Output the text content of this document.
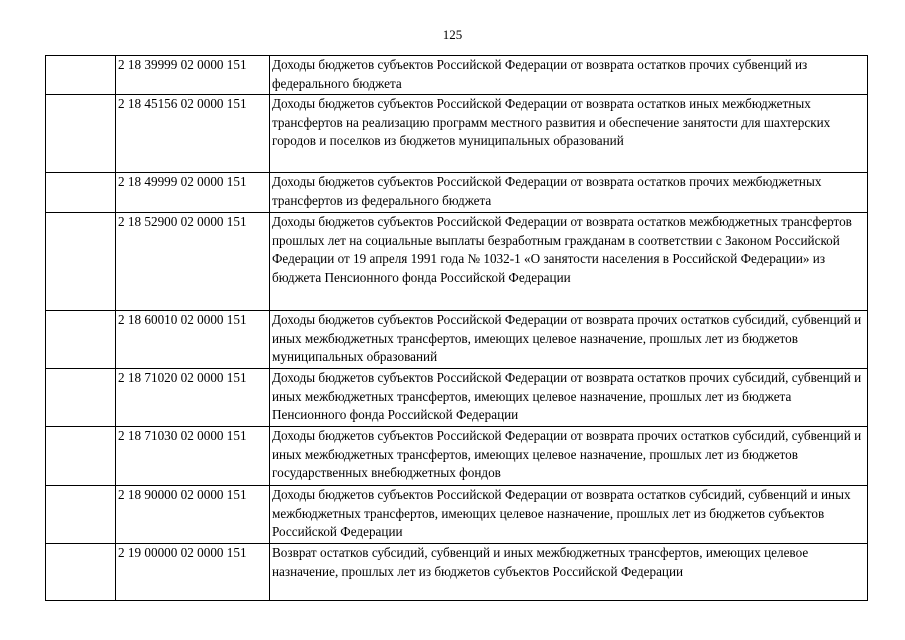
125
	2 18 39999 02 0000 151	Доходы бюджетов субъектов Российской Федерации от возврата остатков прочих субвенций из федерального бюджета
	2 18 45156 02 0000 151	Доходы бюджетов субъектов Российской Федерации от возврата остатков иных межбюджетных трансфертов на реализацию программ местного развития и обеспечение занятости для шахтерских городов и поселков из бюджетов муниципальных образований
	2 18 49999 02 0000 151	Доходы бюджетов субъектов Российской Федерации от возврата остатков прочих межбюджетных трансфертов из федерального бюджета
	2 18 52900 02 0000 151	Доходы бюджетов субъектов Российской Федерации от возврата остатков межбюджетных трансфертов прошлых лет на социальные выплаты безработным гражданам в соответствии с Законом Российской Федерации от 19 апреля 1991 года № 1032-1 «О занятости населения в Российской Федерации» из бюджета Пенсионного фонда Российской Федерации
	2 18 60010 02 0000 151	Доходы бюджетов субъектов Российской Федерации от возврата прочих остатков субсидий, субвенций и иных межбюджетных трансфертов, имеющих целевое назначение, прошлых лет из бюджетов муниципальных образований
	2 18 71020 02 0000 151	Доходы бюджетов субъектов Российской Федерации от возврата остатков прочих субсидий, субвенций и иных межбюджетных трансфертов, имеющих целевое назначение, прошлых лет из бюджета Пенсионного фонда Российской Федерации
	2 18 71030 02 0000 151	Доходы бюджетов субъектов Российской Федерации от возврата прочих остатков субсидий, субвенций и иных межбюджетных трансфертов, имеющих целевое назначение, прошлых лет из бюджетов государственных внебюджетных фондов
	2 18 90000 02 0000 151	Доходы бюджетов субъектов Российской Федерации от возврата остатков субсидий, субвенций и иных межбюджетных трансфертов, имеющих целевое назначение, прошлых лет из бюджетов субъектов Российской Федерации
	2 19 00000 02 0000 151	Возврат остатков субсидий, субвенций и иных межбюджетных трансфертов, имеющих целевое назначение, прошлых лет из бюджетов субъектов Российской Федерации
